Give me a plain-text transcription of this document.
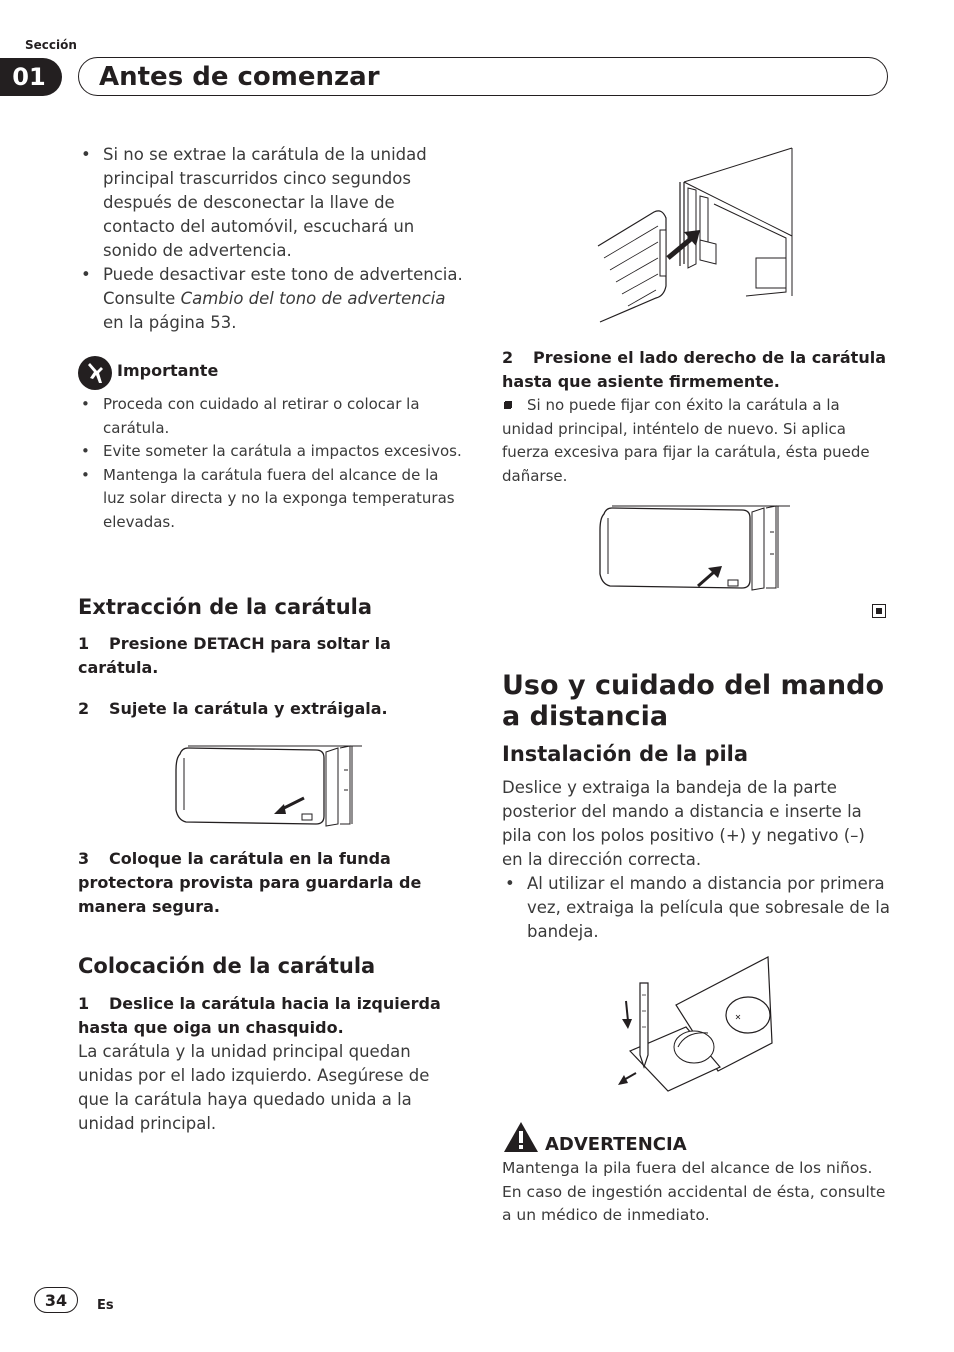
Sección
01	Antes de comenzar
• Si no se extrae la carátula de la unidad principal trascurridos cinco segundos después de desconectar la llave de contacto del automóvil, escuchará un sonido de advertencia.
• Puede desactivar este tono de advertencia. Consulte Cambio del tono de advertencia en la página 53.
Importante
• Proceda con cuidado al retirar o colocar la carátula.
• Evite someter la carátula a impactos excesivos.
• Mantenga la carátula fuera del alcance de la luz solar directa y no la exponga temperaturas elevadas.
Extracción de la carátula
1 Presione DETACH para soltar la carátula.
2 Sujete la carátula y extráigala.
3 Coloque la carátula en la funda protectora provista para guardarla de manera segura.
Colocación de la carátula
1 Deslice la carátula hacia la izquierda hasta que oiga un chasquido.
La carátula y la unidad principal quedan unidas por el lado izquierdo. Asegúrese de que la carátula haya quedado unida a la unidad principal.
2 Presione el lado derecho de la carátula hasta que asiente firmemente.
Si no puede fijar con éxito la carátula a la unidad principal, inténtelo de nuevo. Si aplica fuerza excesiva para fijar la carátula, ésta puede dañarse.
Uso y cuidado del mando a distancia
Instalación de la pila
Deslice y extraiga la bandeja de la parte posterior del mando a distancia e inserte la pila con los polos positivo (+) y negativo (–) en la dirección correcta.
• Al utilizar el mando a distancia por primera vez, extraiga la película que sobresale de la bandeja.
ADVERTENCIA
Mantenga la pila fuera del alcance de los niños. En caso de ingestión accidental de ésta, consulte a un médico de inmediato.
34	Es
